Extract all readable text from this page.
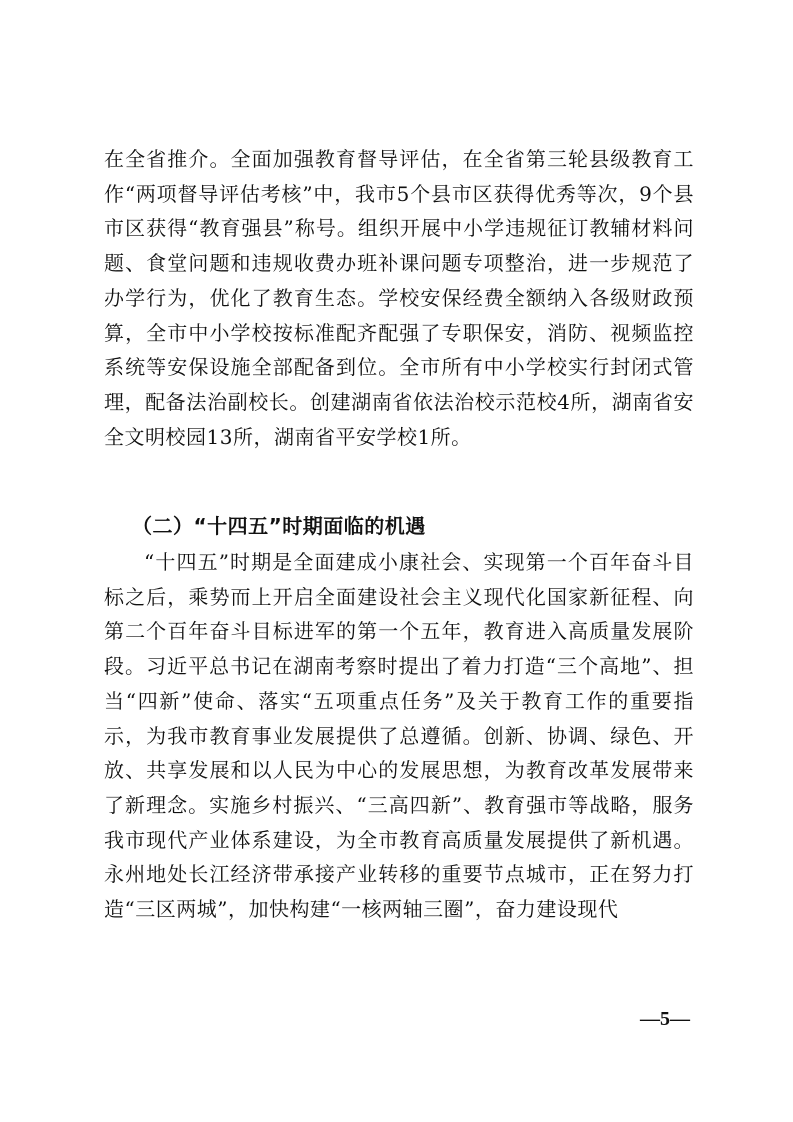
在全省推介。全面加强教育督导评估，在全省第三轮县级教育工作“两项督导评估考核”中，我市5个县市区获得优秀等次，9个县市区获得“教育强县”称号。组织开展中小学违规征订教辅材料问题、食堂问题和违规收费办班补课问题专项整治，进一步规范了办学行为，优化了教育生态。学校安保经费全额纳入各级财政预算，全市中小学校按标准配齐配强了专职保安，消防、视频监控系统等安保设施全部配备到位。全市所有中小学校实行封闭式管理，配备法治副校长。创建湖南省依法治校示范校4所，湖南省安全文明校园13所，湖南省平安学校1所。

（二）“十四五”时期面临的机遇

“十四五”时期是全面建成小康社会、实现第一个百年奋斗目标之后，乘势而上开启全面建设社会主义现代化国家新征程、向第二个百年奋斗目标进军的第一个五年，教育进入高质量发展阶段。习近平总书记在湖南考察时提出了着力打造“三个高地”、担当“四新”使命、落实“五项重点任务”及关于教育工作的重要指示，为我市教育事业发展提供了总遵循。创新、协调、绿色、开放、共享发展和以人民为中心的发展思想，为教育改革发展带来了新理念。实施乡村振兴、“三高四新”、教育强市等战略，服务我市现代产业体系建设，为全市教育高质量发展提供了新机遇。永州地处长江经济带承接产业转移的重要节点城市，正在努力打造“三区两城”，加快构建“一核两轴三圈”，奋力建设现代

—5—
